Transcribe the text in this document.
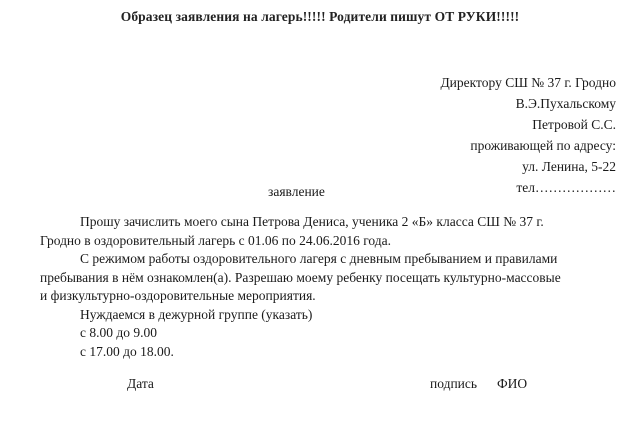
Образец заявления на лагерь!!!!! Родители пишут ОТ РУКИ!!!!!
Директору СШ № 37 г. Гродно
В.Э.Пухальскому
Петровой С.С.
проживающей по адресу:
ул. Ленина, 5-22
тел………………
заявление
Прошу зачислить моего сына Петрова Дениса, ученика 2 «Б» класса СШ № 37 г.
Гродно в оздоровительный лагерь с 01.06 по 24.06.2016 года.
С режимом работы оздоровительного лагеря с дневным пребыванием и правилами
пребывания в нём ознакомлен(а). Разрешаю моему ребенку посещать культурно-массовые
и физкультурно-оздоровительные мероприятия.
Нуждаемся в дежурной группе (указать)
с 8.00 до 9.00
с 17.00 до 18.00.
Дата	подпись ФИО
